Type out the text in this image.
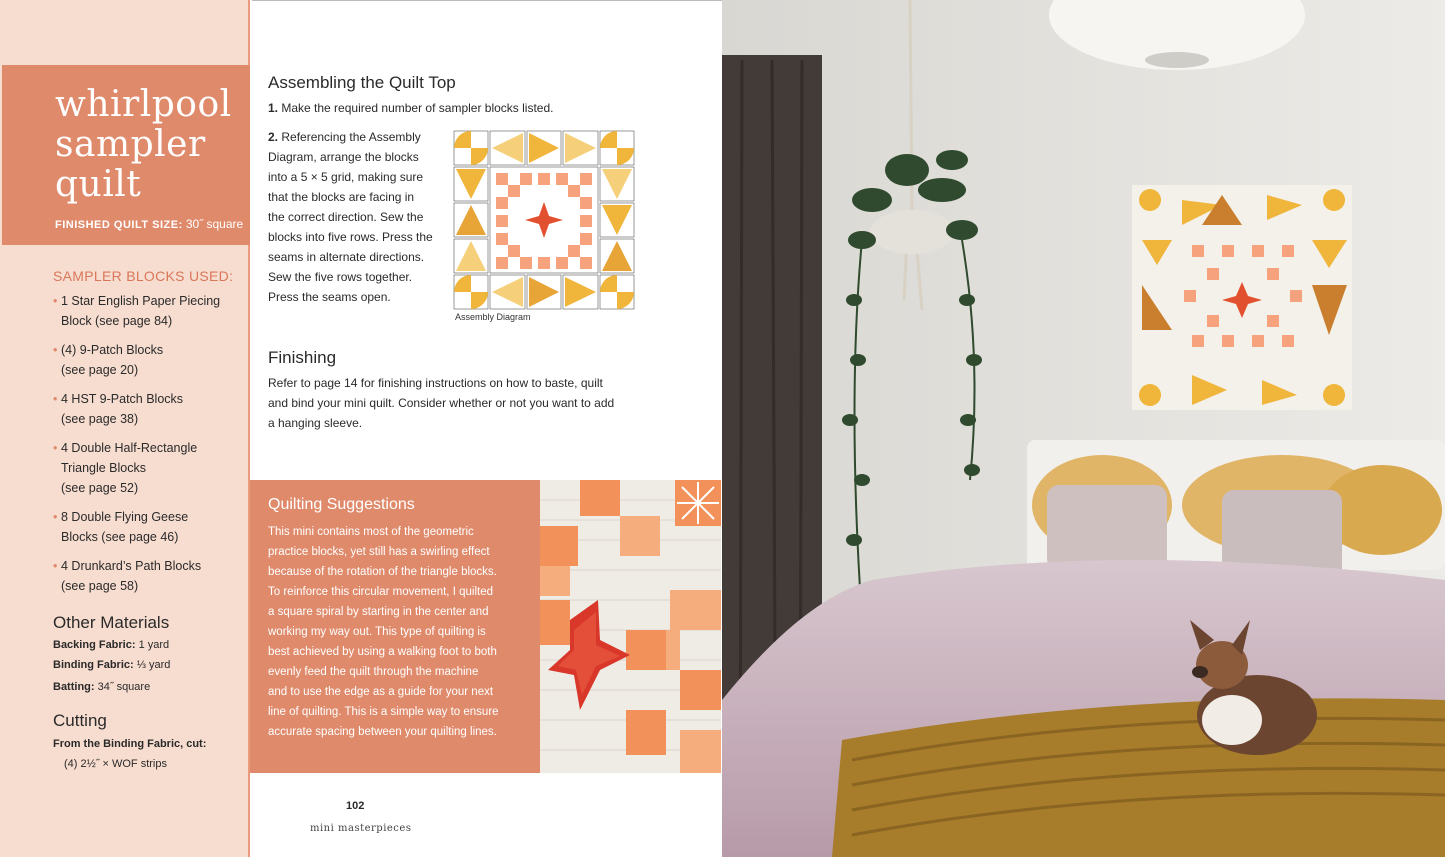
whirlpool
sampler
quilt
FINISHED QUILT SIZE: 30˝ square
SAMPLER BLOCKS USED:
• 1 Star English Paper Piecing
Block (see page 84)
• (4) 9-Patch Blocks
(see page 20)
• 4 HST 9-Patch Blocks
(see page 38)
• 4 Double Half-Rectangle
Triangle Blocks
(see page 52)
• 8 Double Flying Geese
Blocks (see page 46)
• 4 Drunkard’s Path Blocks
(see page 58)
Other Materials
Backing Fabric: 1 yard
Binding Fabric: ⅓ yard
Batting: 34˝ square
Cutting
From the Binding Fabric, cut:
(4) 2½˝ × WOF strips
Assembling the Quilt Top
1. Make the required number of sampler blocks listed.
2. Referencing the Assembly
Diagram, arrange the blocks
into a 5 × 5 grid, making sure
that the blocks are facing in
the correct direction. Sew the
blocks into five rows. Press the
seams in alternate directions.
Sew the five rows together.
Press the seams open.
Assembly Diagram
Finishing
Refer to page 14 for finishing instructions on how to baste, quilt
and bind your mini quilt. Consider whether or not you want to add
a hanging sleeve.
Quilting Suggestions
This mini contains most of the geometric
practice blocks, yet still has a swirling effect
because of the rotation of the triangle blocks.
To reinforce this circular movement, I quilted
a square spiral by starting in the center and
working my way out. This type of quilting is
best achieved by using a walking foot to both
evenly feed the quilt through the machine
and to use the edge as a guide for your next
line of quilting. This is a simple way to ensure
accurate spacing between your quilting lines.
102
mini masterpieces
